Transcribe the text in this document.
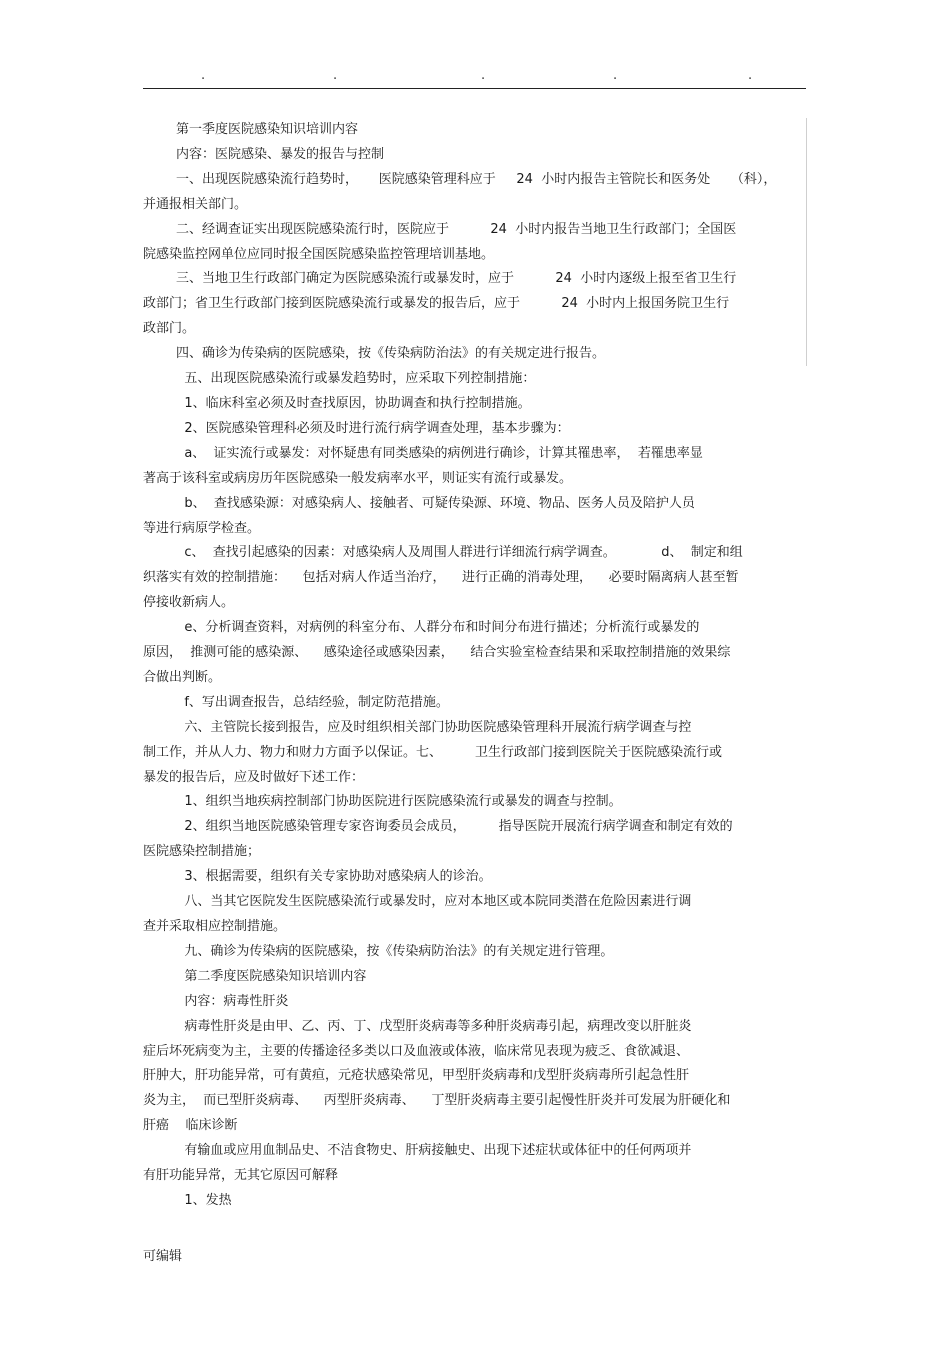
.	.	.	.	.

第一季度医院感染知识培训内容

内容：医院感染、暴发的报告与控制

一、出现医院感染流行趋势时，     医院感染管理科应于     24  小时内报告主管院长和医务处     （科），

并通报相关部门。

二、经调查证实出现医院感染流行时，医院应于          24  小时内报告当地卫生行政部门；全国医

院感染监控网单位应同时报全国医院感染监控管理培训基地。

三、当地卫生行政部门确定为医院感染流行或暴发时，应于          24  小时内逐级上报至省卫生行

政部门；省卫生行政部门接到医院感染流行或暴发的报告后，应于          24  小时内上报国务院卫生行

政部门。

四、确诊为传染病的医院感染，按《传染病防治法》的有关规定进行报告。

五、出现医院感染流行或暴发趋势时，应采取下列控制措施：

1、临床科室必须及时查找原因，协助调查和执行控制措施。

2、医院感染管理科必须及时进行流行病学调查处理，基本步骤为：

a、  证实流行或暴发：对怀疑患有同类感染的病例进行确诊，计算其罹患率，  若罹患率显

著高于该科室或病房历年医院感染一般发病率水平，则证实有流行或暴发。

b、  查找感染源：对感染病人、接触者、可疑传染源、环境、物品、医务人员及陪护人员

等进行病原学检查。

c、  查找引起感染的因素：对感染病人及周围人群进行详细流行病学调查。           d、  制定和组

织落实有效的控制措施：    包括对病人作适当治疗，    进行正确的消毒处理，    必要时隔离病人甚至暂

停接收新病人。

e、分析调查资料，对病例的科室分布、人群分布和时间分布进行描述；分析流行或暴发的

原因，  推测可能的感染源、    感染途径或感染因素，    结合实验室检查结果和采取控制措施的效果综

合做出判断。

f、写出调查报告，总结经验，制定防范措施。

六、主管院长接到报告，应及时组织相关部门协助医院感染管理科开展流行病学调查与控

制工作，并从人力、物力和财力方面予以保证。七、        卫生行政部门接到医院关于医院感染流行或

暴发的报告后，应及时做好下述工作：

1、组织当地疾病控制部门协助医院进行医院感染流行或暴发的调查与控制。

2、组织当地医院感染管理专家咨询委员会成员，        指导医院开展流行病学调查和制定有效的

医院感染控制措施；

3、根据需要，组织有关专家协助对感染病人的诊治。

八、当其它医院发生医院感染流行或暴发时，应对本地区或本院同类潜在危险因素进行调

查并采取相应控制措施。

九、确诊为传染病的医院感染，按《传染病防治法》的有关规定进行管理。

第二季度医院感染知识培训内容

内容：病毒性肝炎

病毒性肝炎是由甲、乙、丙、丁、戊型肝炎病毒等多种肝炎病毒引起，病理改变以肝脏炎

症后坏死病变为主，主要的传播途径多类以口及血液或体液，临床常见表现为疲乏、食欲减退、

肝肿大，肝功能异常，可有黄疸，元疮状感染常见，甲型肝炎病毒和戊型肝炎病毒所引起急性肝

炎为主，  而已型肝炎病毒、    丙型肝炎病毒、    丁型肝炎病毒主要引起慢性肝炎并可发展为肝硬化和

肝癌    临床诊断

有输血或应用血制品史、不洁食物史、肝病接触史、出现下述症状或体征中的任何两项并

有肝功能异常，无其它原因可解释

1、发热

可编辑
